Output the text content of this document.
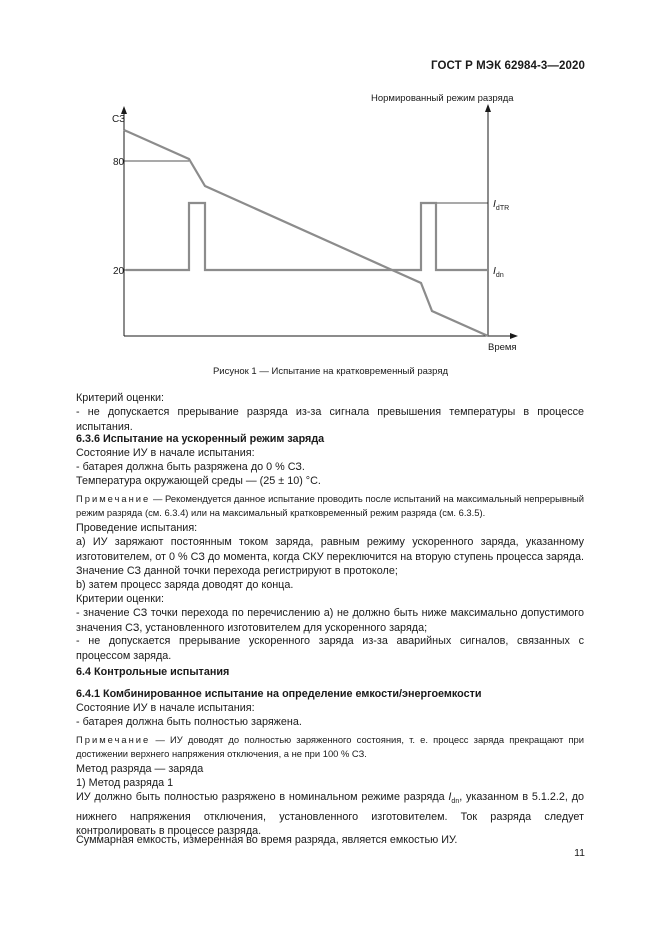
ГОСТ Р МЭК 62984-3—2020
СЗ
80
20
Нормированный режим разряда
Время
$I_{dTR}$
$I_{dn}$
Рисунок 1 — Испытание на кратковременный разряд
Критерий оценки:
- не допускается прерывание разряда из-за сигнала превышения температуры в процессе испытания.
6.3.6 Испытание на ускоренный режим заряда
Состояние ИУ в начале испытания:
- батарея должна быть разряжена до 0 % СЗ.
Температура окружающей среды — (25 ± 10) °С.
Примечание — Рекомендуется данное испытание проводить после испытаний на максимальный непрерывный режим разряда (см. 6.3.4) или на максимальный кратковременный режим разряда (см. 6.3.5).
Проведение испытания:
а) ИУ заряжают постоянным током заряда, равным режиму ускоренного заряда, указанному изготовителем, от 0 % СЗ до момента, когда СКУ переключится на вторую ступень процесса заряда. Значение СЗ данной точки перехода регистрируют в протоколе;
b) затем процесс заряда доводят до конца.
Критерии оценки:
- значение СЗ точки перехода по перечислению а) не должно быть ниже максимально допустимого значения СЗ, установленного изготовителем для ускоренного заряда;
- не допускается прерывание ускоренного заряда из-за аварийных сигналов, связанных с процессом заряда.
6.4 Контрольные испытания
6.4.1 Комбинированное испытание на определение емкости/энергоемкости
Состояние ИУ в начале испытания:
- батарея должна быть полностью заряжена.
Примечание — ИУ доводят до полностью заряженного состояния, т. е. процесс заряда прекращают при достижении верхнего напряжения отключения, а не при 100 % СЗ.
Метод разряда — заряда
1) Метод разряда 1
ИУ должно быть полностью разряжено в номинальном режиме разряда $I_{dn}$, указанном в 5.1.2.2, до нижнего напряжения отключения, установленного изготовителем. Ток разряда следует контролировать в процессе разряда.
Суммарная емкость, измеренная во время разряда, является емкостью ИУ.
11
